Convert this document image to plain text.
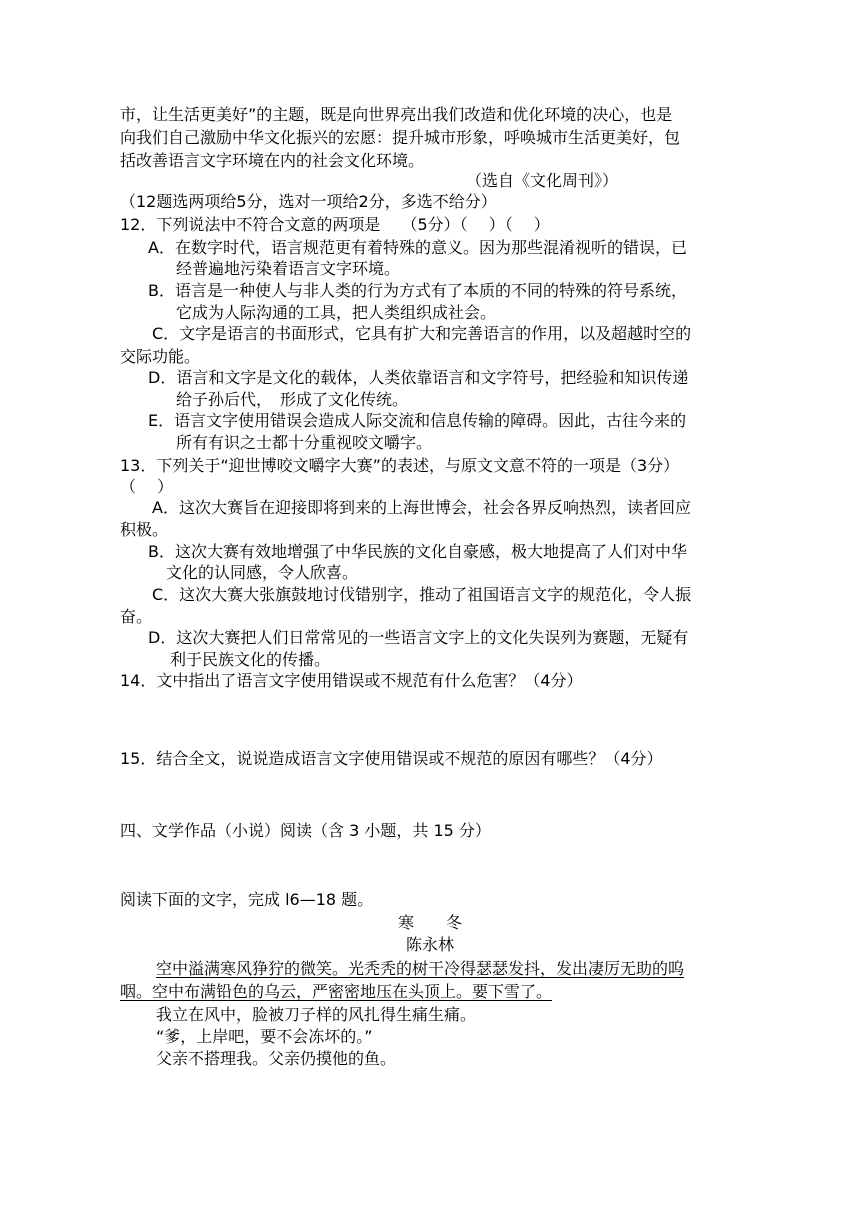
市，让生活更美好”的主题，既是向世界亮出我们改造和优化环境的决心，也是
向我们自己激励中华文化振兴的宏愿：提升城市形象，呼唤城市生活更美好，包
括改善语言文字环境在内的社会文化环境。
（选自《文化周刊》）
（12题选两项给5分，选对一项给2分，多选不给分）
12．下列说法中不符合文意的两项是　 （5分）（　 ）（　 ）
A．在数字时代，语言规范更有着特殊的意义。因为那些混淆视听的错误，已
经普遍地污染着语言文字环境。
B．语言是一种使人与非人类的行为方式有了本质的不同的特殊的符号系统，
它成为人际沟通的工具，把人类组织成社会。
C．文字是语言的书面形式，它具有扩大和完善语言的作用，以及超越时空的
交际功能。
D．语言和文字是文化的载体，人类依靠语言和文字符号，把经验和知识传递
给子孙后代，　形成了文化传统。
E．语言文字使用错误会造成人际交流和信息传输的障碍。因此，古往今来的
所有有识之士都十分重视咬文嚼字。
13．下列关于“迎世博咬文嚼字大赛”的表述，与原文文意不符的一项是（3分）
（　 ）
A．这次大赛旨在迎接即将到来的上海世博会，社会各界反响热烈，读者回应
积极。
B．这次大赛有效地增强了中华民族的文化自豪感，极大地提高了人们对中华
文化的认同感，令人欣喜。
C．这次大赛大张旗鼓地讨伐错别字，推动了祖国语言文字的规范化，令人振
奋。
D．这次大赛把人们日常常见的一些语言文字上的文化失误列为赛题，无疑有
利于民族文化的传播。
14．文中指出了语言文字使用错误或不规范有什么危害？（4分）
15．结合全文，说说造成语言文字使用错误或不规范的原因有哪些？（4分）
四、文学作品（小说）阅读（含 3 小题，共 15 分）
阅读下面的文字，完成 l6—18 题。
寒　　冬
陈永林
空中溢满寒风狰狞的微笑。光秃秃的树干冷得瑟瑟发抖，发出凄厉无助的呜
咽。空中布满铅色的乌云，严密密地压在头顶上。要下雪了。
我立在风中，脸被刀子样的风扎得生痛生痛。
“爹，上岸吧，要不会冻坏的。”
父亲不搭理我。父亲仍摸他的鱼。
